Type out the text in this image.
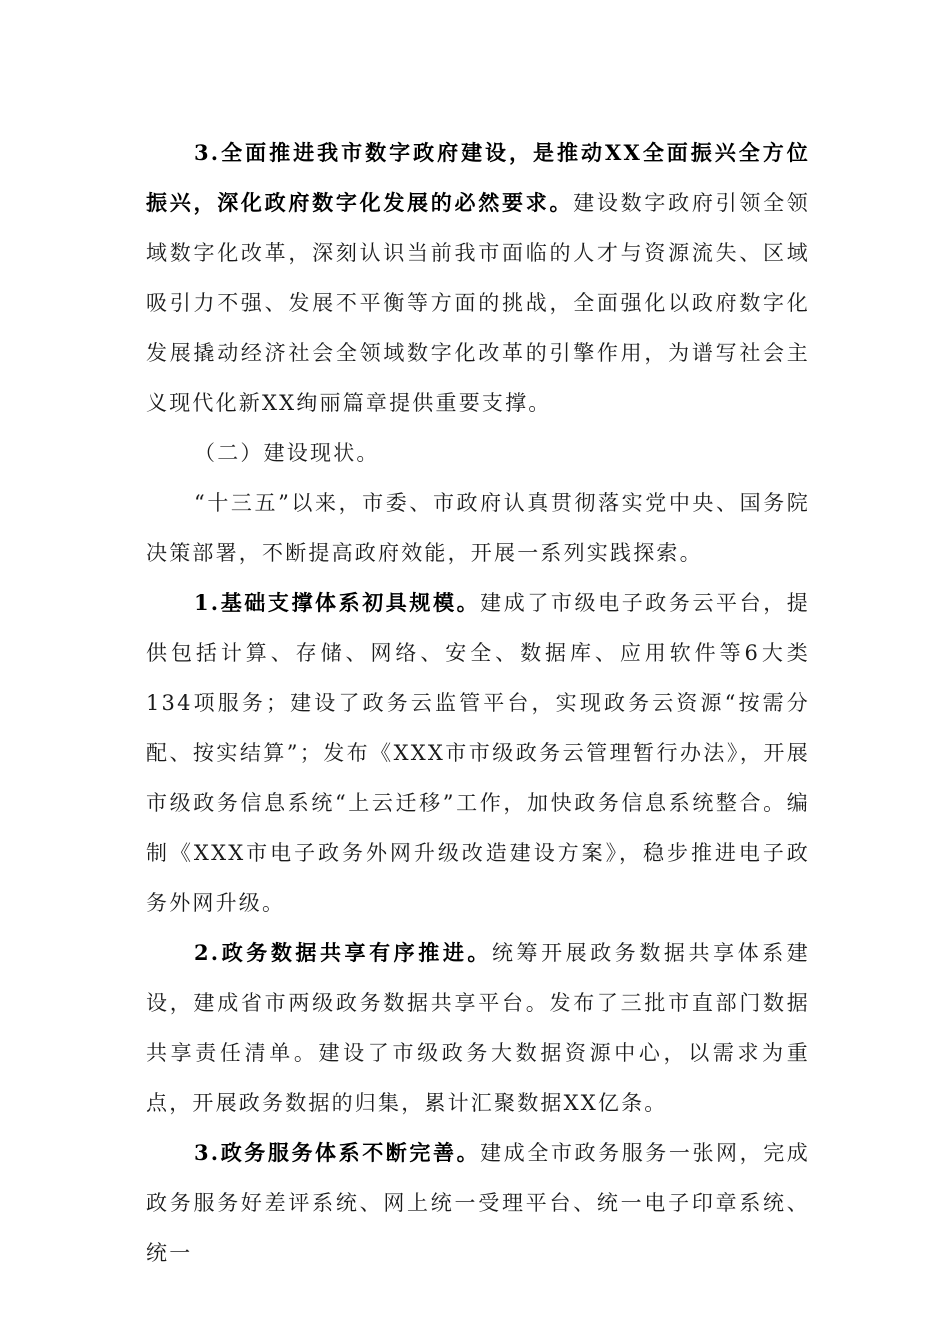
3.全面推进我市数字政府建设，是推动XX全面振兴全方位振兴，深化政府数字化发展的必然要求。建设数字政府引领全领域数字化改革，深刻认识当前我市面临的人才与资源流失、区域吸引力不强、发展不平衡等方面的挑战，全面强化以政府数字化发展撬动经济社会全领域数字化改革的引擎作用，为谱写社会主义现代化新XX绚丽篇章提供重要支撑。

（二）建设现状。

“十三五”以来，市委、市政府认真贯彻落实党中央、国务院决策部署，不断提高政府效能，开展一系列实践探索。

1.基础支撑体系初具规模。建成了市级电子政务云平台，提供包括计算、存储、网络、安全、数据库、应用软件等6大类134项服务；建设了政务云监管平台，实现政务云资源“按需分配、按实结算”；发布《XXX市市级政务云管理暂行办法》，开展市级政务信息系统“上云迁移”工作，加快政务信息系统整合。编制《XXX市电子政务外网升级改造建设方案》，稳步推进电子政务外网升级。

2.政务数据共享有序推进。统筹开展政务数据共享体系建设，建成省市两级政务数据共享平台。发布了三批市直部门数据共享责任清单。建设了市级政务大数据资源中心，以需求为重点，开展政务数据的归集，累计汇聚数据XX亿条。

3.政务服务体系不断完善。建成全市政务服务一张网，完成政务服务好差评系统、网上统一受理平台、统一电子印章系统、统一
